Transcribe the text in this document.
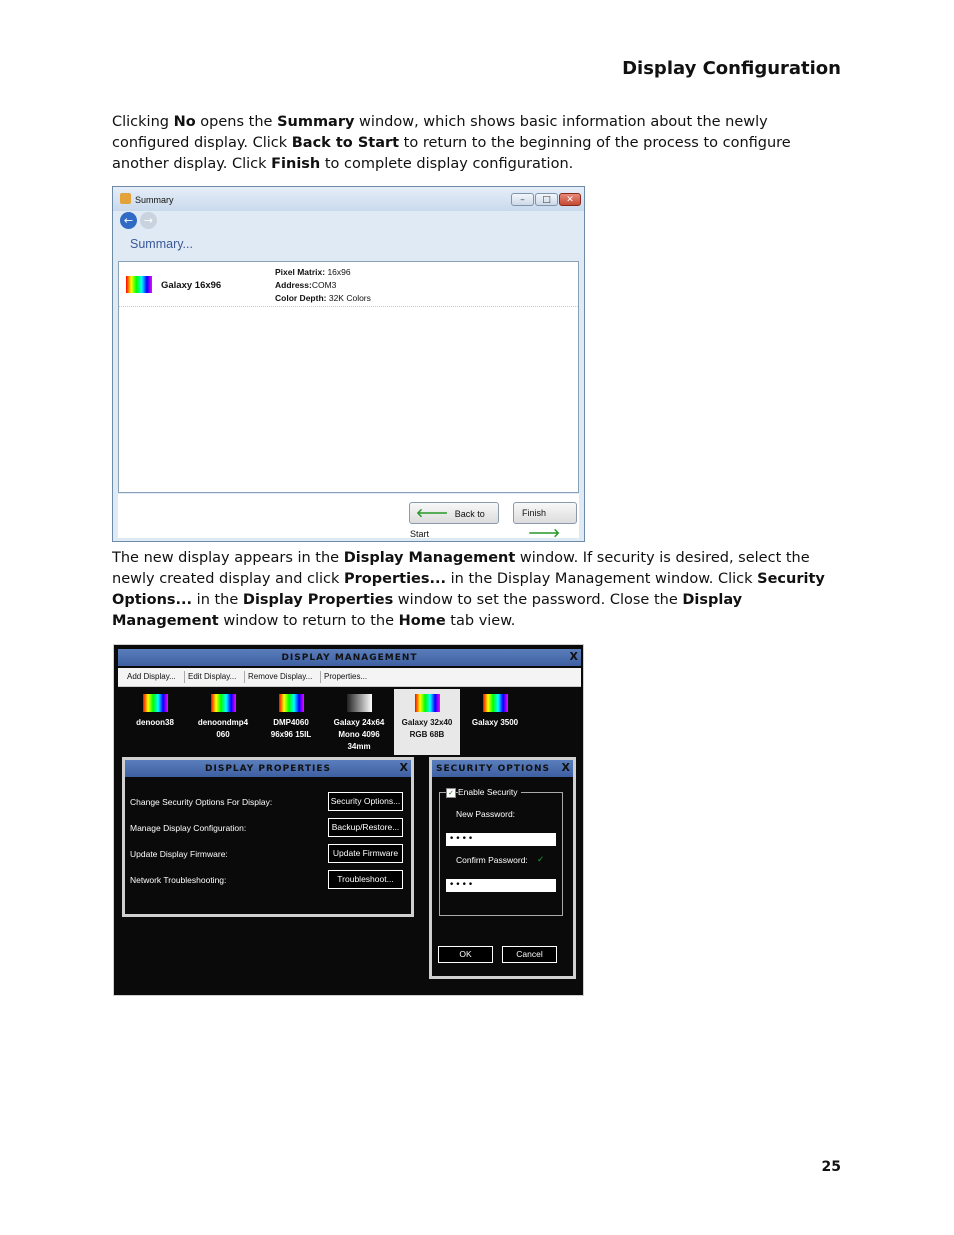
Display Configuration
Clicking No opens the Summary window, which shows basic information about the newly configured display. Click Back to Start to return to the beginning of the process to configure another display. Click Finish to complete display configuration.
Summary	–	□	✕
← →
Summary...
Galaxy 16x96
Pixel Matrix: 16x96
Address:COM3
Color Depth: 32K Colors
🡐 Back to Start
Finish 🡒
The new display appears in the Display Management window. If security is desired, select the newly created display and click Properties... in the Display Management window. Click Security Options... in the Display Properties window to set the password. Close the Display Management window to return to the Home tab view.
DISPLAY MANAGEMENT	X
Add Display... Edit Display... Remove Display... Properties...
denoon38	denoondmp4
060
DMP4060
96x96 15IL
Galaxy 24x64
Mono 4096
34mm
Galaxy 32x40
RGB 68B
Galaxy 3500
DISPLAY PROPERTIES	X
Change Security Options For Display:	Security Options...
Manage Display Configuration:	Backup/Restore...
Update Display Firmware:	Update Firmware
Network Troubleshooting:	Troubleshoot...
SECURITY OPTIONS X
✓ Enable Security
New Password:
••••
Confirm Password: ✓
••••
OK	Cancel
25
